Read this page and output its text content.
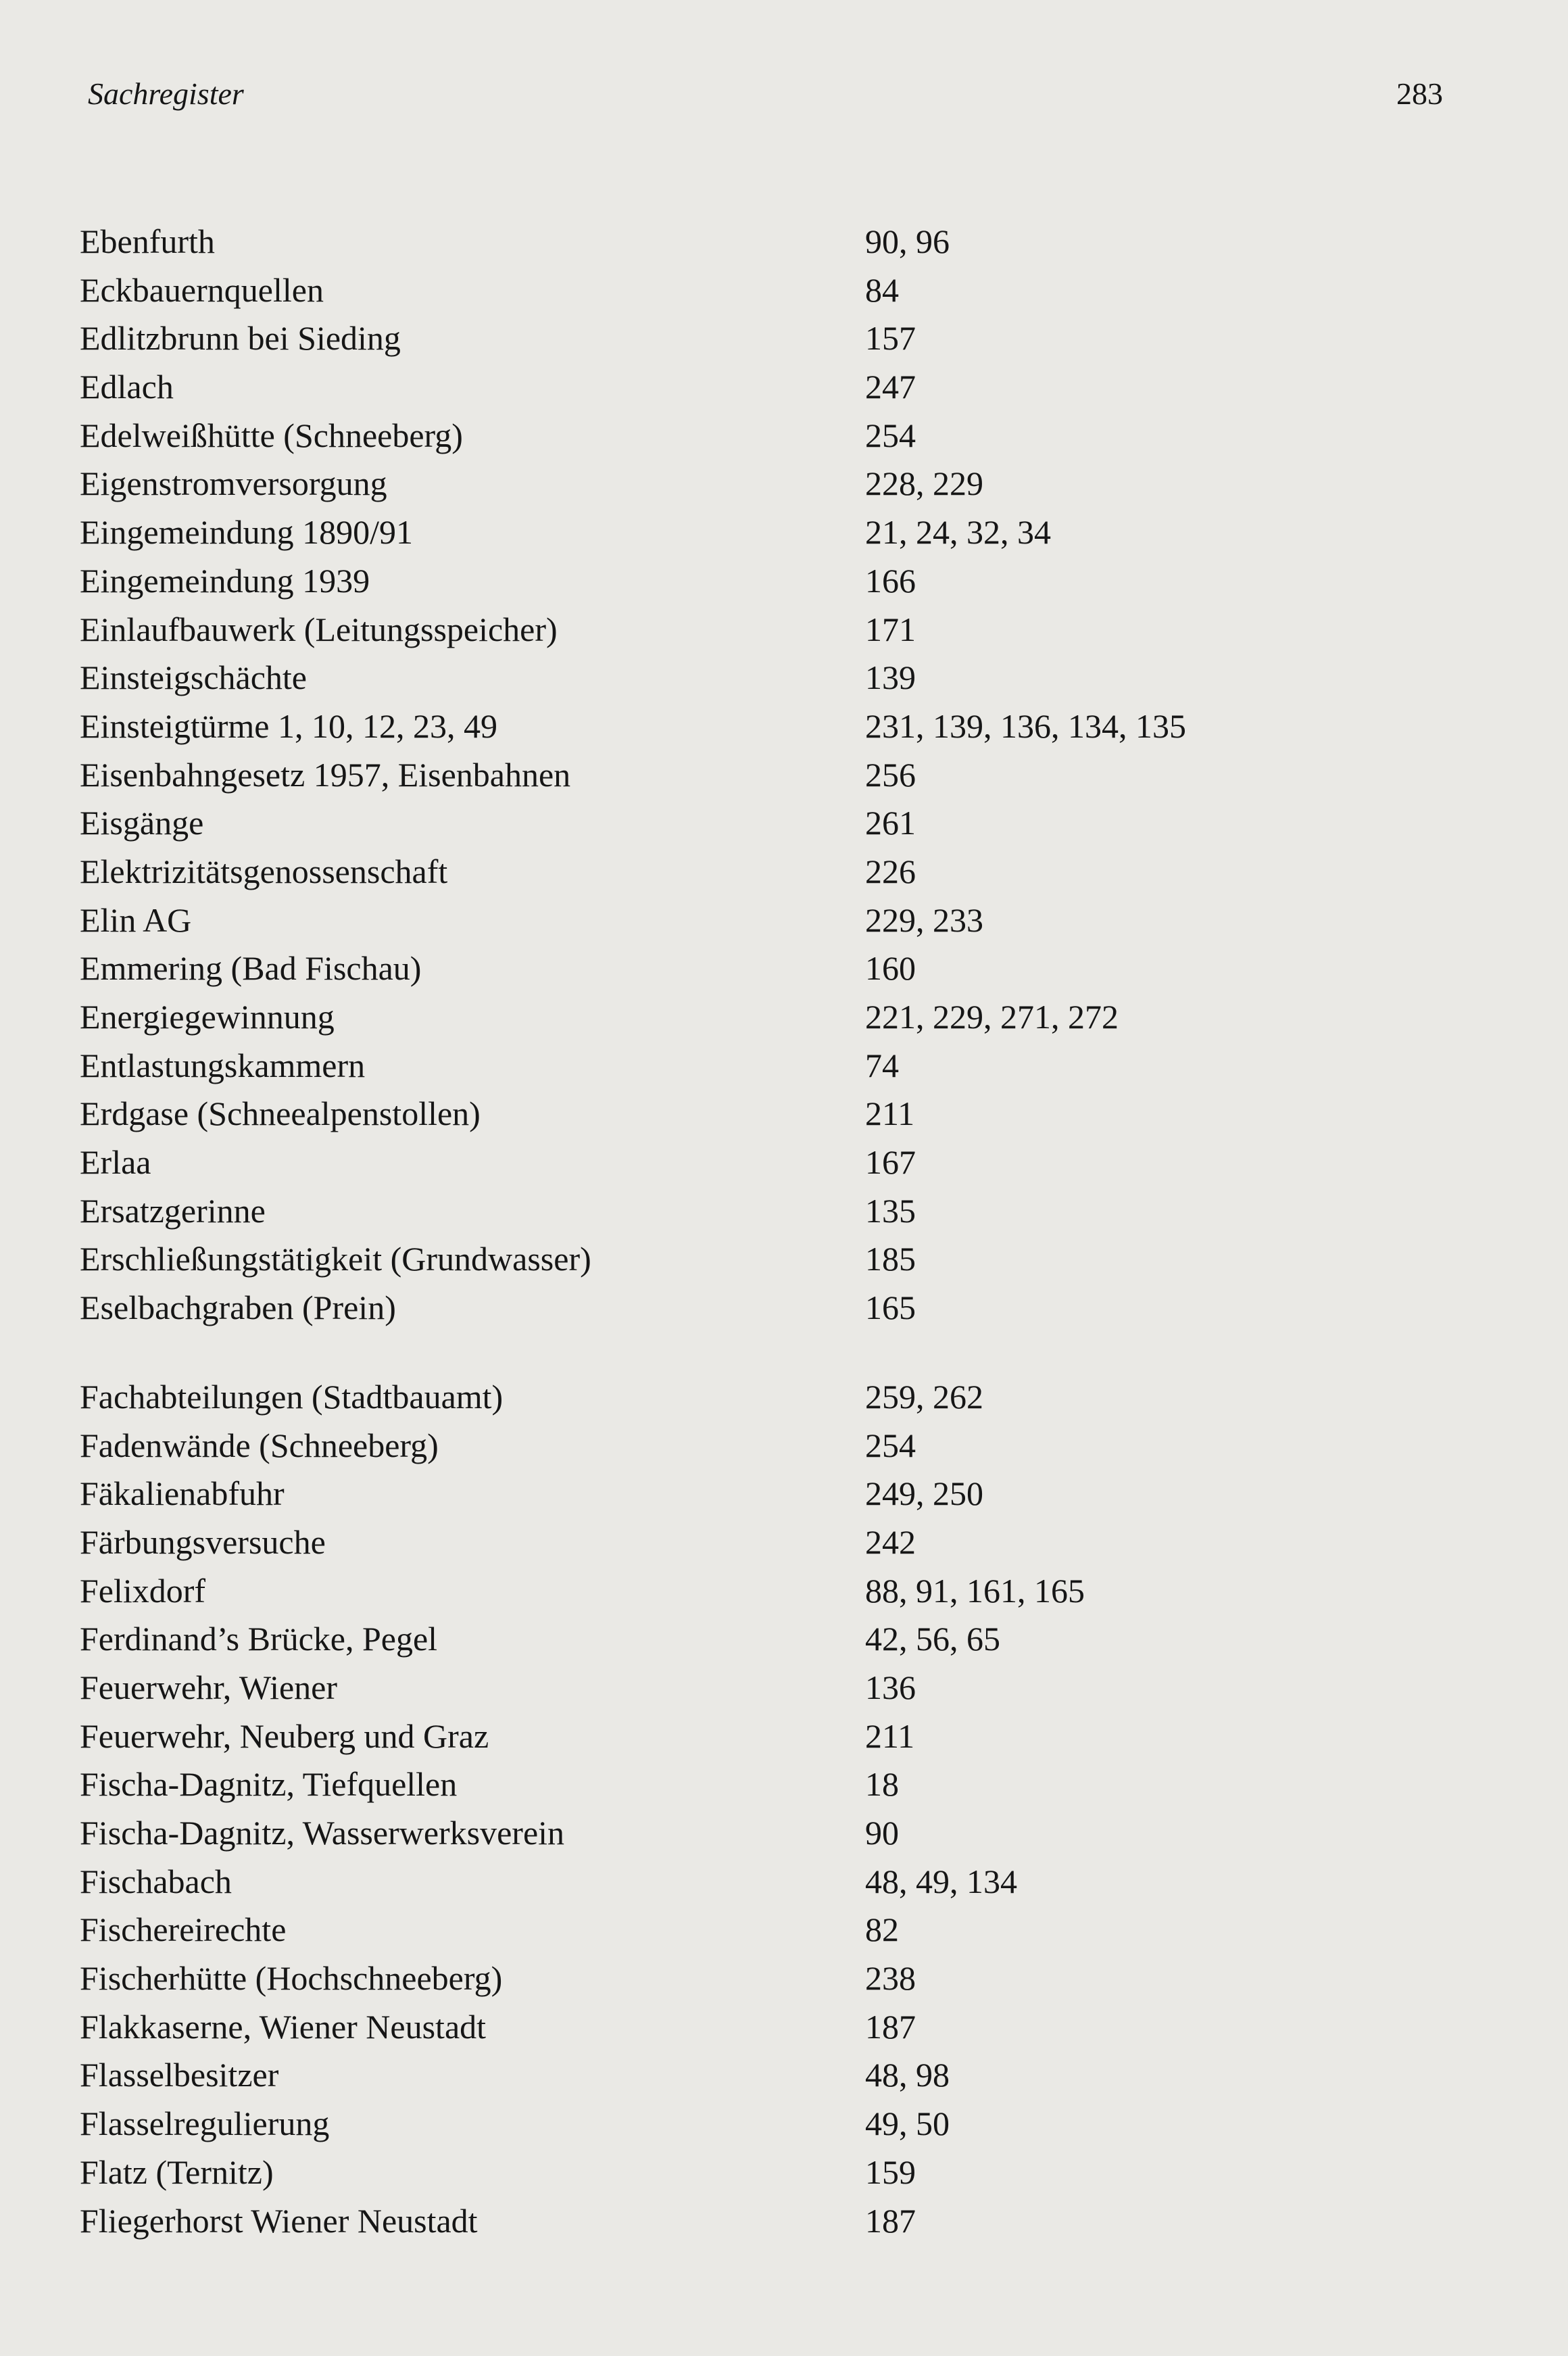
Sachregister	283
Ebenfurth	90, 96
Eckbauernquellen	84
Edlitzbrunn bei Sieding	157
Edlach	247
Edelweißhütte (Schneeberg)	254
Eigenstromversorgung	228, 229
Eingemeindung 1890/91	21, 24, 32, 34
Eingemeindung 1939	166
Einlaufbauwerk (Leitungsspeicher)	171
Einsteigschächte	139
Einsteigtürme 1, 10, 12, 23, 49	231, 139, 136, 134, 135
Eisenbahngesetz 1957, Eisenbahnen	256
Eisgänge	261
Elektrizitätsgenossenschaft	226
Elin AG	229, 233
Emmering (Bad Fischau)	160
Energiegewinnung	221, 229, 271, 272
Entlastungskammern	74
Erdgase (Schneealpenstollen)	211
Erlaa	167
Ersatzgerinne	135
Erschließungstätigkeit (Grundwasser)	185
Eselbachgraben (Prein)	165
Fachabteilungen (Stadtbauamt)	259, 262
Fadenwände (Schneeberg)	254
Fäkalienabfuhr	249, 250
Färbungsversuche	242
Felixdorf	88, 91, 161, 165
Ferdinand’s Brücke, Pegel	42, 56, 65
Feuerwehr, Wiener	136
Feuerwehr, Neuberg und Graz	211
Fischa-Dagnitz, Tiefquellen	18
Fischa-Dagnitz, Wasserwerksverein	90
Fischabach	48, 49, 134
Fischereirechte	82
Fischerhütte (Hochschneeberg)	238
Flakkaserne, Wiener Neustadt	187
Flasselbesitzer	48, 98
Flasselregulierung	49, 50
Flatz (Ternitz)	159
Fliegerhorst Wiener Neustadt	187
